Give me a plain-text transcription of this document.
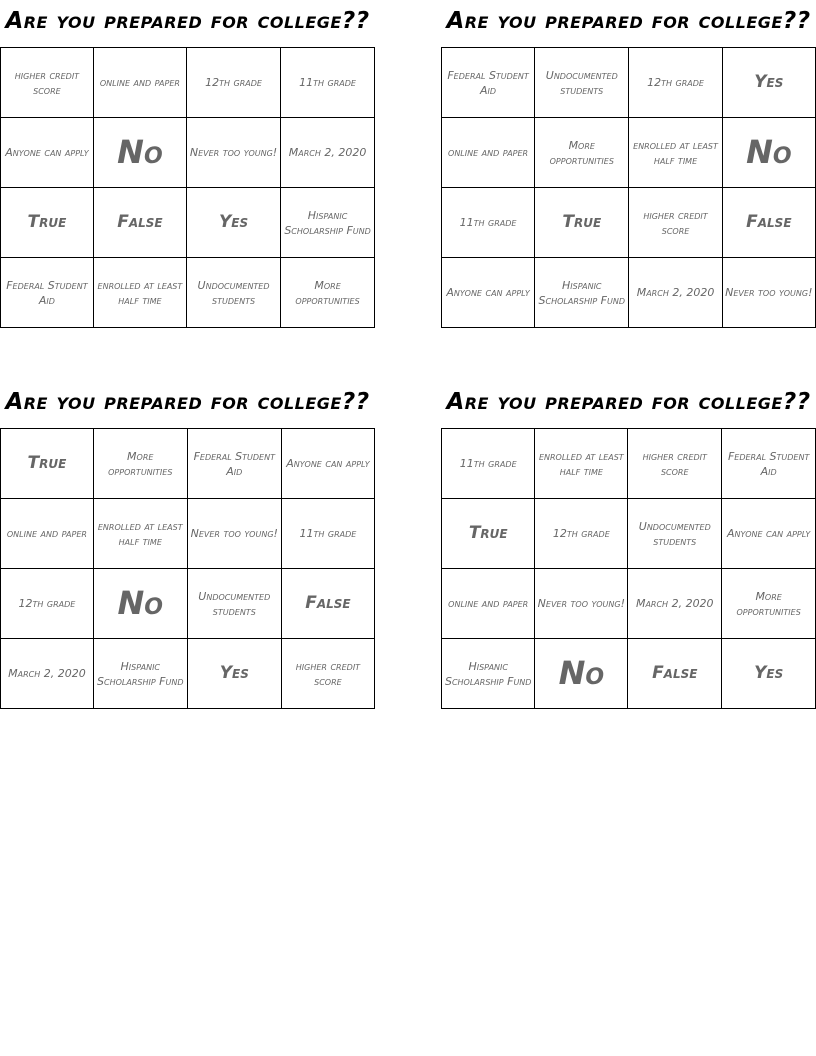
Are you prepared for college??
higher credit score	online and paper	12th grade	11th grade
Anyone can apply	No	Never too young!	March 2, 2020
True	False	Yes	Hispanic Scholarship Fund
Federal Student Aid	enrolled at least half time	Undocumented students	More opportunities
Are you prepared for college??
Federal Student Aid	Undocumented students	12th grade	Yes
online and paper	More opportunities	enrolled at least half time	No
11th grade	True	higher credit score	False
Anyone can apply	Hispanic Scholarship Fund	March 2, 2020	Never too young!
Are you prepared for college??
True	More opportunities	Federal Student Aid	Anyone can apply
online and paper	enrolled at least half time	Never too young!	11th grade
12th grade	No	Undocumented students	False
March 2, 2020	Hispanic Scholarship Fund	Yes	higher credit score
Are you prepared for college??
11th grade	enrolled at least half time	higher credit score	Federal Student Aid
True	12th grade	Undocumented students	Anyone can apply
online and paper	Never too young!	March 2, 2020	More opportunities
Hispanic Scholarship Fund	No	False	Yes
